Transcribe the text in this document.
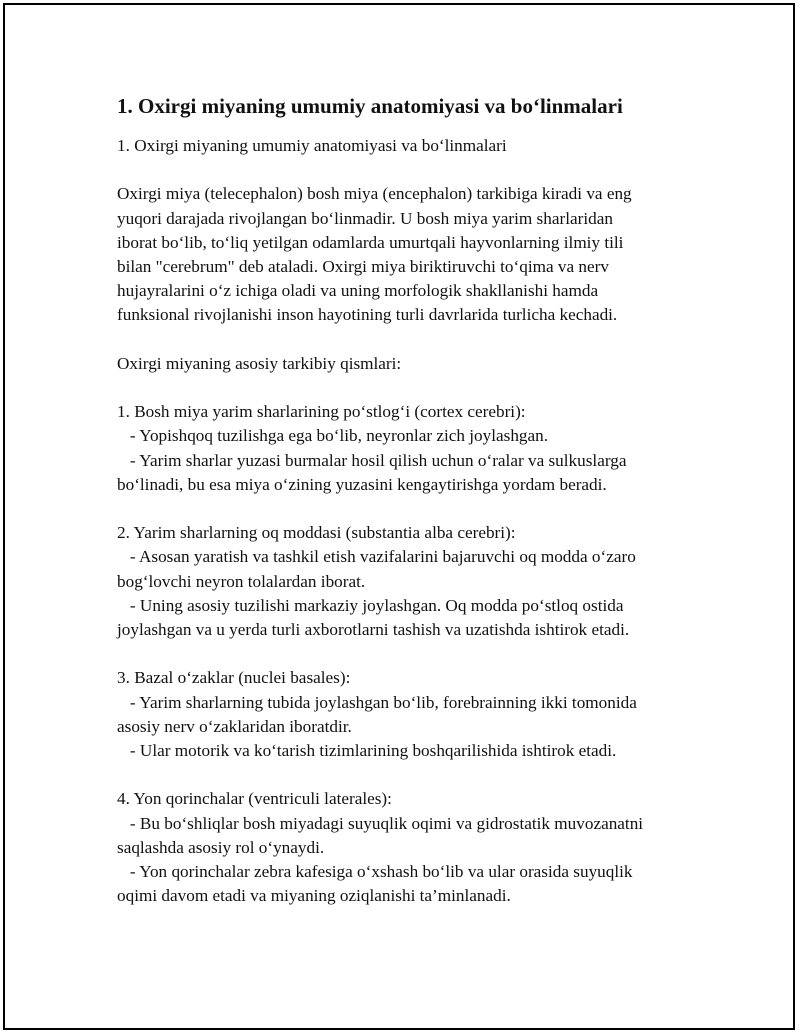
1. Oxirgi miyaning umumiy anatomiyasi va bo‘linmalari
1. Oxirgi miyaning umumiy anatomiyasi va bo‘linmalari
Oxirgi miya (telecephalon) bosh miya (encephalon) tarkibiga kiradi va eng
yuqori darajada rivojlangan bo‘linmadir. U bosh miya yarim sharlaridan
iborat bo‘lib, to‘liq yetilgan odamlarda umurtqali hayvonlarning ilmiy tili
bilan "cerebrum" deb ataladi. Oxirgi miya biriktiruvchi to‘qima va nerv
hujayralarini o‘z ichiga oladi va uning morfologik shakllanishi hamda
funksional rivojlanishi inson hayotining turli davrlarida turlicha kechadi.
Oxirgi miyaning asosiy tarkibiy qismlari:
1. Bosh miya yarim sharlarining po‘stlog‘i (cortex cerebri):
- Yopishqoq tuzilishga ega bo‘lib, neyronlar zich joylashgan.
- Yarim sharlar yuzasi burmalar hosil qilish uchun o‘ralar va sulkuslarga
bo‘linadi, bu esa miya o‘zining yuzasini kengaytirishga yordam beradi.
2. Yarim sharlarning oq moddasi (substantia alba cerebri):
- Asosan yaratish va tashkil etish vazifalarini bajaruvchi oq modda o‘zaro
bog‘lovchi neyron tolalardan iborat.
- Uning asosiy tuzilishi markaziy joylashgan. Oq modda po‘stloq ostida
joylashgan va u yerda turli axborotlarni tashish va uzatishda ishtirok etadi.
3. Bazal o‘zaklar (nuclei basales):
- Yarim sharlarning tubida joylashgan bo‘lib, forebrainning ikki tomonida
asosiy nerv o‘zaklaridan iboratdir.
- Ular motorik va ko‘tarish tizimlarining boshqarilishida ishtirok etadi.
4. Yon qorinchalar (ventriculi laterales):
- Bu bo‘shliqlar bosh miyadagi suyuqlik oqimi va gidrostatik muvozanatni
saqlashda asosiy rol o‘ynaydi.
- Yon qorinchalar zebra kafesiga o‘xshash bo‘lib va ular orasida suyuqlik
oqimi davom etadi va miyaning oziqlanishi ta’minlanadi.
